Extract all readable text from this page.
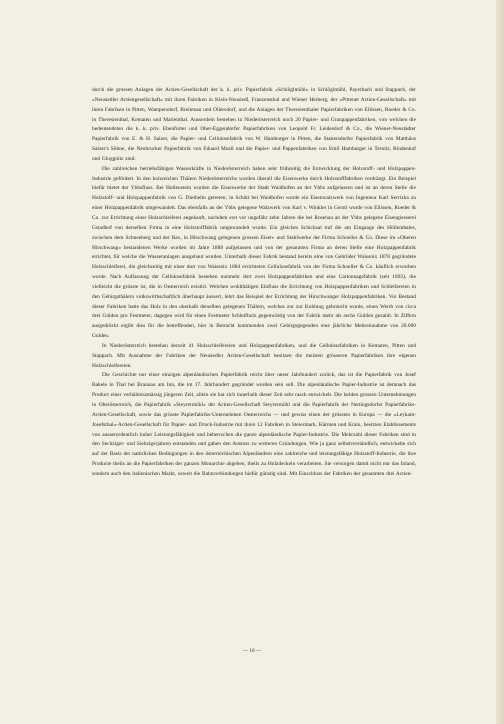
durch die grossen Anlagen der Actien-Gesellschaft der k. k. priv. Papierfabrik »Schlöglmühl« in Schlöglmühl, Payerbach und Stappach, der »Neusiedler Actiengesellschaft« mit ihren Fabriken in Klein-Neusiedl, Franzensthal und Wiener Herberg, der »Pittener Actien-Gesellschaft« mit ihren Fabriken in Pitten, Wampersdorf, Breitenau und Ollersdorf, und die Anlagen der Theresienthaler Papierfabriken von Ellissen, Roeder & Co. in Theresienthal, Kematen und Marienthal. Ausserdem bestehen in Niederösterreich noch 20 Papier- und Graupappenfabriken, von welchen die bedeutendsten die k. k. priv. Ebenfurter und Ober-Eggendorfer Papierfabriken von Leopold Fr. Leidesdorf & Co., die Wiener-Neustädter Papierfabrik von E. & H. Salzer, die Papier- und Cellulosefabrik von W. Hamburger in Pitten, die Stattersdorfer Papierfabrik von Matthäus Salzer's Söhne, die Neubrucker Papierfabrik von Eduard Musil und die Papier- und Pappenfabriken von Emil Hamburger in Ternitz, Rindenhof und Gloggnitz sind.

Die zahlreichen betriebsfähigen Wasserkräfte in Niederösterreich haben sehr frühzeitig die Entwicklung der Holzstoff- und Holzpappen-Industrie gefördert. In den holzreichen Thälern Niederösterreichs wurden überall die Eisenwerke durch Holzstofffabriken verdrängt. Ein Beispiel hiefür bietet der Ybbsfluss. Bei Hollenstein wurden die Eisenwerke der Stadt Waidhofen an der Ybbs aufgelassen und ist an deren Stelle die Holzstoff- und Holzpappenfabrik von G. Diethelm getreten; in Schütt bei Waidhofen wurde ein Eisenwalzwerk von Ingenieur Karl Serrizka zu einer Holzpappenfabrik umgewandelt. Das ebenfalls an der Ybbs gelegene Walzwerk von Karl v. Winkler in Gerstl wurde von Ellissen, Roeder & Co. zur Errichtung einer Holzschleiferei angekauft, nachdem erst vor ungefähr zehn Jahren die bei Rosenau an der Ybbs gelegene Eisengiesserei Gstadhof von derselben Firma in eine Holzstofffabrik umgewandelt wurde. Ein gleiches Schicksal traf die am Eingange des Höllenthales, zwischen dem Schneeberg und der Rax, in Hirschwang gelegenen grossen Eisen- und Stahlwerke der Firma Schoeller & Co. Diese im »Oberen Hirschwang« bestandenen Werke wurden im Jahre 1888 aufgelassen und von der genannten Firma an deren Stelle eine Holzpappenfabrik errichtet, für welche die Wasseranlagen ausgebaut wurden. Unterhalb dieser Fabrik bestand bereits eine von Gebrüder Waissnix 1878 gegründete Holzschleiferei, die gleichzeitig mit einer dort von Waissnix 1884 errichteten Cellulosefabrik von der Firma Schoeller & Co. käuflich erworben wurde. Nach Auflassung der Cellulosefabrik bestehen nunmehr dort zwei Holzpappenfabriken und eine Cartonnagefabrik (seit 1893), die vielleicht die grösste ist, die in Oesterreich existirt. Welchen wohlthätigen Einfluss die Errichtung von Holzpappenfabriken und Schleifereien in den Gebirgsthälern volkswirthschaftlich überhaupt äussert, lehrt das Beispiel der Errichtung der Hirschwanger Holzpappenfabriken. Vor Bestand dieser Fabriken hatte das Holz in den oberhalb derselben gelegenen Thälern, welches zur zur Kohlung gebraucht wurde, einen Werth von circa drei Gulden pro Festmeter, dagegen wird für einen Festmeter Schleifholz gegenwärtig von der Fabrik mehr als sechs Gulden gezahlt. In Ziffern ausgedrückt ergibt dies für die betreffenden, hier in Betracht kommenden zwei Gebirgsgegenden eine jährliche Mehreinnahme von 20.000 Gulden.

In Niederösterreich bestehen derzeit 41 Holzschleifereien und Holzpappenfabriken, und die Cellulosefabriken in Kematen, Pitten und Stappach. Mit Ausnahme der Fabriken der Neusiedler Actien-Gesellschaft besitzen die meisten grösseren Papierfabriken ihre eigenen Holzschleifereien.

Die Geschichte nur einer einzigen alpenländischen Papierfabrik reicht über unser Jahrhundert zurück, das ist die Papierfabrik von Josef Bakele in Thal bei Braunau am Inn, die im 17. Jahrhundert gegründet worden sein soll. Die alpenländische Papier-Industrie ist demnach das Product einer verhältnissmässig jüngeren Zeit, allein sie hat sich innerhalb dieser Zeit sehr rasch entwickelt. Die beiden grossen Unternehmungen in Oberösterreich, die Papierfabrik »Steyrermühl« der Actien-Gesellschaft Steyrermühl und die Papierfabrik der Nettingsdorfer Papierfabriks-Actien-Gesellschaft, sowie das grösste Papierfabriks-Unternehmen Oesterreichs — und gewiss einen der grössten in Europa — die »Leykam-Josefsthal«-Actien-Gesellschaft für Papier- und Druck-Industrie mit ihren 12 Fabriken in Steiermark, Kärnten und Krain, besitzen Etablissements von ausserordentlich hoher Leistungsfähigkeit und beherrschen die ganze alpenländische Papier-Industrie. Die Mehrzahl dieser Fabriken sind in den Sechziger- und Siebzigerjahren entstanden und gaben den Anstoss zu weiteren Gründungen. Wie ja ganz selbstverständlich, entwickelte sich auf der Basis der natürlichen Bedingungen in den österreichischen Alpenländern eine zahlreiche und leistungsfähige Holzstoff-Industrie, die ihre Producte theils an die Papierfabriken der ganzen Monarchie abgeben, theils zu Holzdeckeln verarbeiten. Sie versorgen damit nicht nur das Inland, sondern auch den italienischen Markt, soweit die Bahnverbindungen hiefür günstig sind. Mit Einschluss der Fabriken der genannten drei Actien-

— 18 —
